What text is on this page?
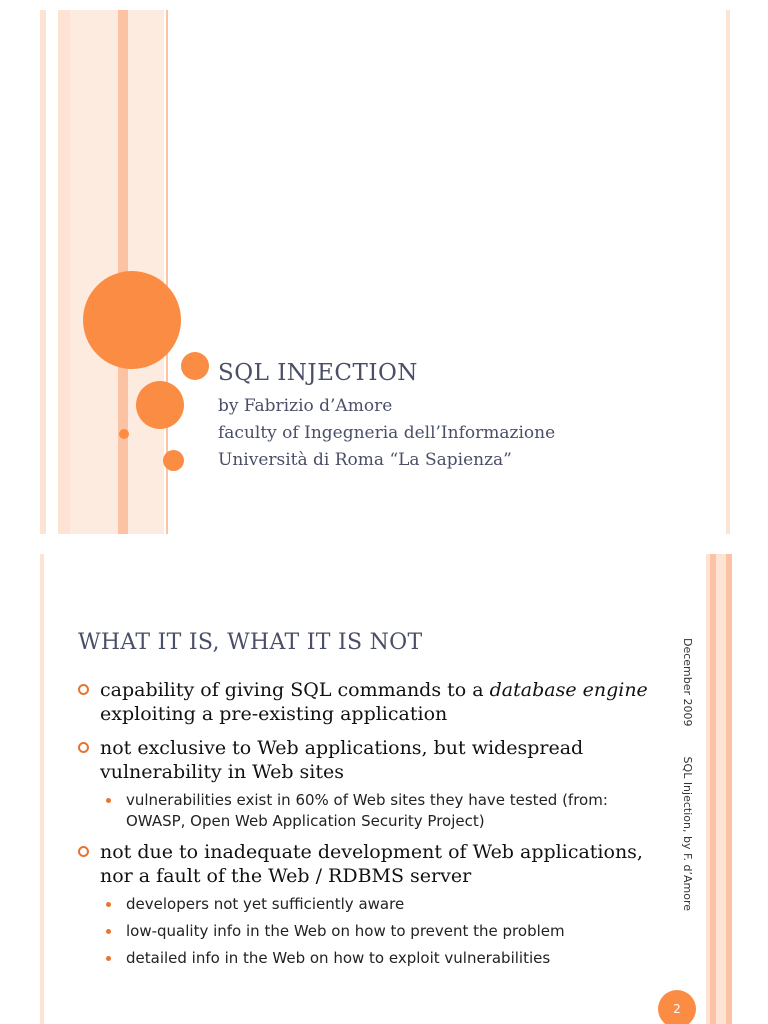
SQL INJECTION
by Fabrizio d’Amore
faculty of Ingegneria dell’Informazione
Università di Roma “La Sapienza”
WHAT IT IS, WHAT IT IS NOT
capability of giving SQL commands to a database engine exploiting a pre-existing application
not exclusive to Web applications, but widespread vulnerability in Web sites
vulnerabilities exist in 60% of Web sites they have tested (from: OWASP, Open Web Application Security Project)
not due to inadequate development of Web applications, nor a fault of the Web / RDBMS server
developers not yet sufficiently aware
low-quality info in the Web on how to prevent the problem
detailed info in the Web on how to exploit vulnerabilities
December 2009SQL Injection, by F. d’Amore
2
